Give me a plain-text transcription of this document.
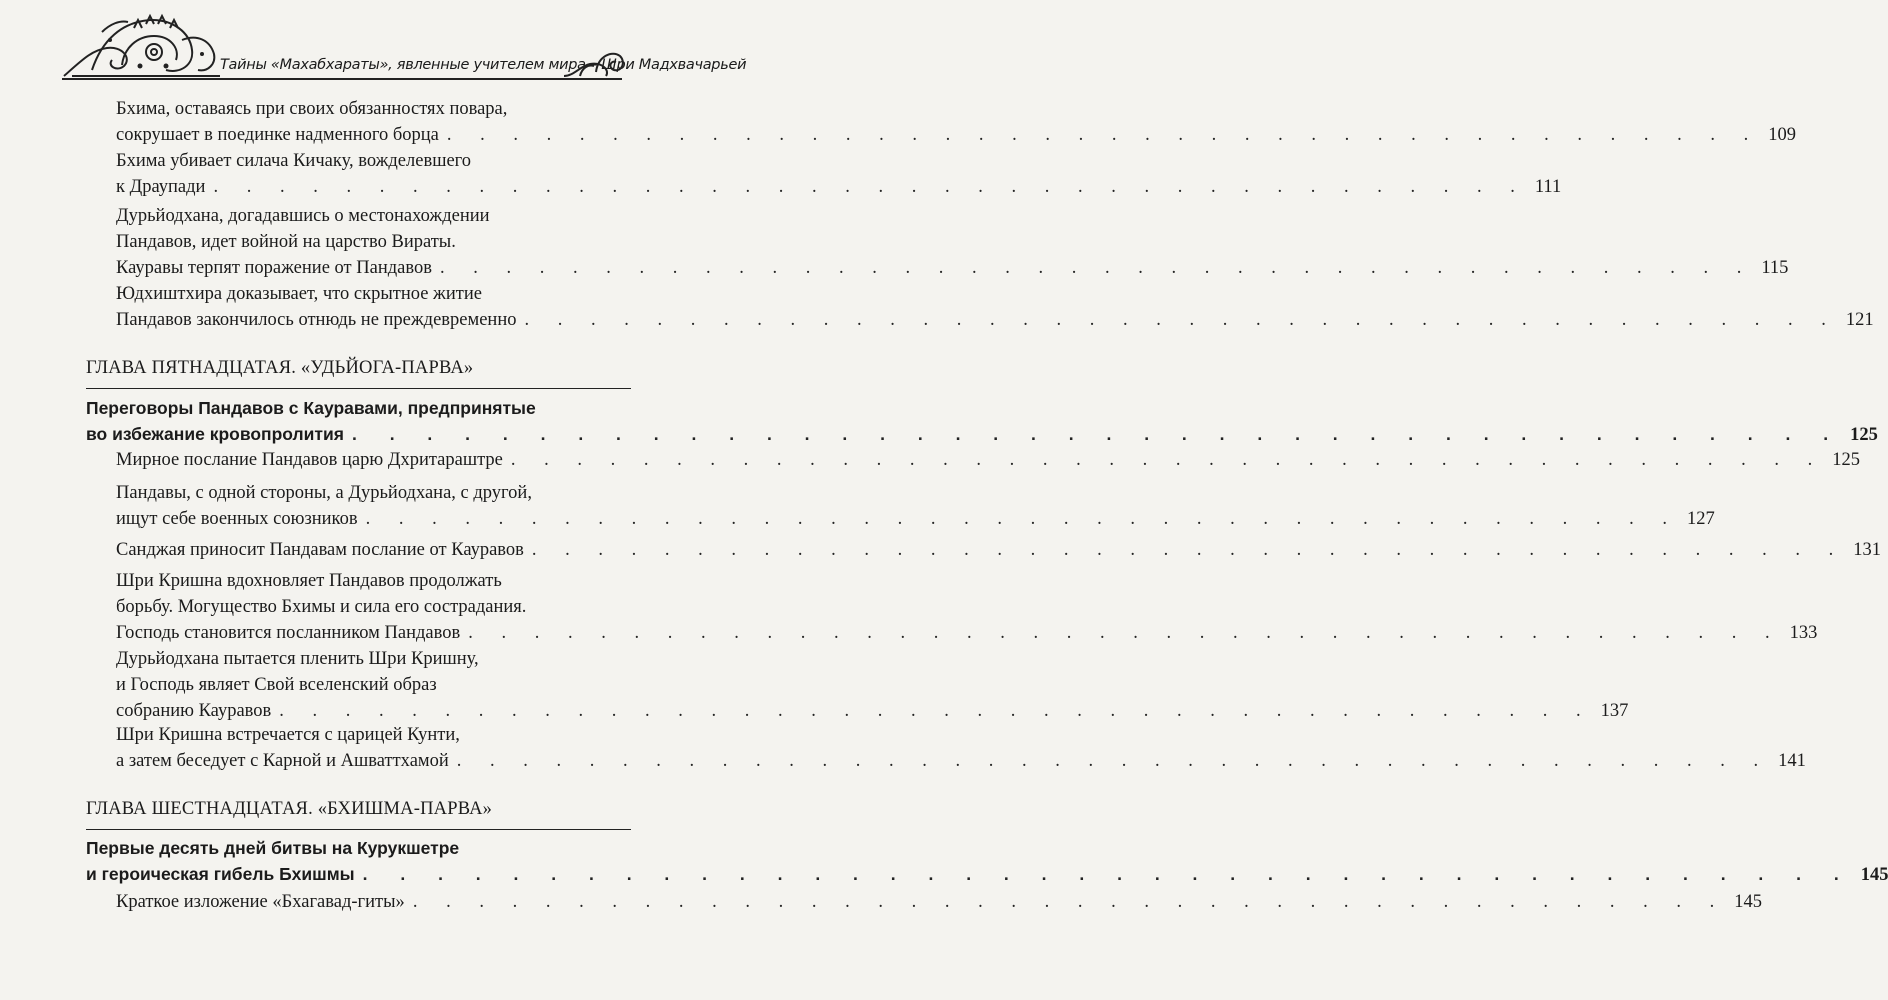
Тайны «Махабхараты», явленные учителем мира – Шри Мадхвачарьей
Бхима, оставаясь при своих обязанностях повара,
сокрушает в поединке надменного борца . . .	109
Бхима убивает силача Кичаку, вожделевшего
к Драупади . . .	111
Дурьйодхана, догадавшись о местонахождении
Пандавов, идет войной на царство Вираты.
Кауравы терпят поражение от Пандавов . . .	115
Юдхиштхира доказывает, что скрытное житие
Пандавов закончилось отнюдь не преждевременно . . .	121
ГЛАВА ПЯТНАДЦАТАЯ. «УДЬЙОГА-ПАРВА»
Переговоры Пандавов с Кауравами, предпринятые
во избежание кровопролития . . .	125
Мирное послание Пандавов царю Дхритараштре . . .	125
Пандавы, с одной стороны, а Дурьйодхана, с другой,
ищут себе военных союзников . . .	127
Санджая приносит Пандавам послание от Кауравов . . .	131
Шри Кришна вдохновляет Пандавов продолжать
борьбу. Могущество Бхимы и сила его сострадания.
Господь становится посланником Пандавов . . .	133
Дурьйодхана пытается пленить Шри Кришну,
и Господь являет Свой вселенский образ
собранию Кауравов . . .	137
Шри Кришна встречается с царицей Кунти,
а затем беседует с Карной и Ашваттхамой . . .	141
ГЛАВА ШЕСТНАДЦАТАЯ. «БХИШМА-ПАРВА»
Первые десять дней битвы на Курукшетре
и героическая гибель Бхишмы . . .	145
Краткое изложение «Бхагавад-гиты» . . .	145
